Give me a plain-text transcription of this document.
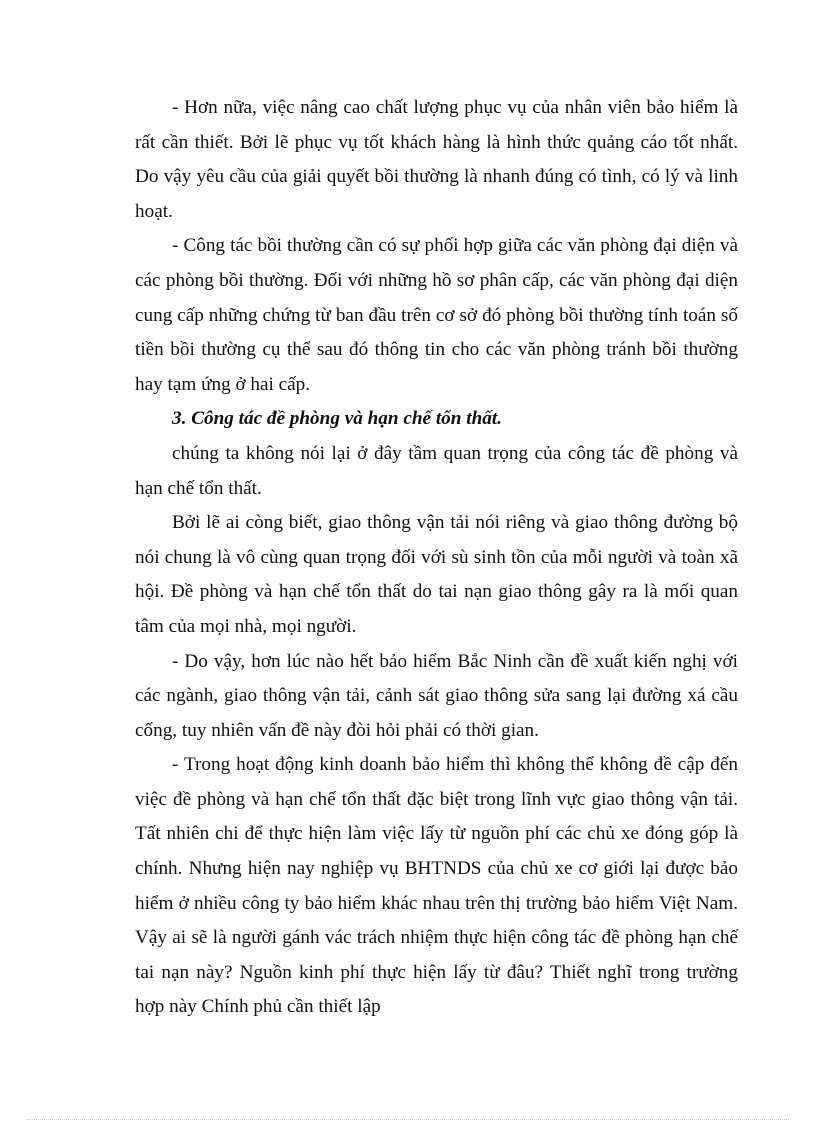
- Hơn nữa, việc nâng cao chất lượng phục vụ của nhân viên bảo hiểm là rất cần thiết. Bởi lẽ phục vụ tốt khách hàng là hình thức quảng cáo tốt nhất. Do vậy yêu cầu của giải quyết bồi thường là nhanh đúng có tình, có lý và linh hoạt.

- Công tác bồi thường cần có sự phối hợp giữa các văn phòng đại diện và các phòng bồi thường. Đối với những hồ sơ phân cấp, các văn phòng đại diện cung cấp những chứng từ ban đầu trên cơ sở đó phòng bồi thường tính toán số tiền bồi thường cụ thể sau đó thông tin cho các văn phòng tránh bồi thường hay tạm ứng ở hai cấp.

3. Công tác đề phòng và hạn chế tổn thất.

chúng ta không nói lại ở đây tầm quan trọng của công tác đề phòng và hạn chế tổn thất.

Bởi lẽ ai còng biết, giao thông vận tải nói riêng và giao thông đường bộ nói chung là vô cùng quan trọng đối với sù sinh tồn của mỗi người và toàn xã hội. Đề phòng và hạn chế tổn thất do tai nạn giao thông gây ra là mối quan tâm của mọi nhà, mọi người.

- Do vậy, hơn lúc nào hết bảo hiểm Bắc Ninh cần đề xuất kiến nghị với các ngành, giao thông vận tải, cảnh sát giao thông sửa sang lại đường xá cầu cống, tuy nhiên vấn đề này đòi hỏi phải có thời gian.

- Trong hoạt động kinh doanh bảo hiểm thì không thể không đề cập đến việc đề phòng và hạn chế tổn thất đặc biệt trong lĩnh vực giao thông vận tải. Tất nhiên chi để thực hiện làm việc lấy từ nguồn phí các chủ xe đóng góp là chính. Nhưng hiện nay nghiệp vụ BHTNDS của chủ xe cơ giới lại được bảo hiểm ở nhiều công ty bảo hiểm khác nhau trên thị trường bảo hiểm Việt Nam. Vậy ai sẽ là người gánh vác trách nhiệm thực hiện công tác đề phòng hạn chế tai nạn này? Nguồn kinh phí thực hiện lấy từ đâu? Thiết nghĩ trong trường hợp này Chính phủ cần thiết lập
